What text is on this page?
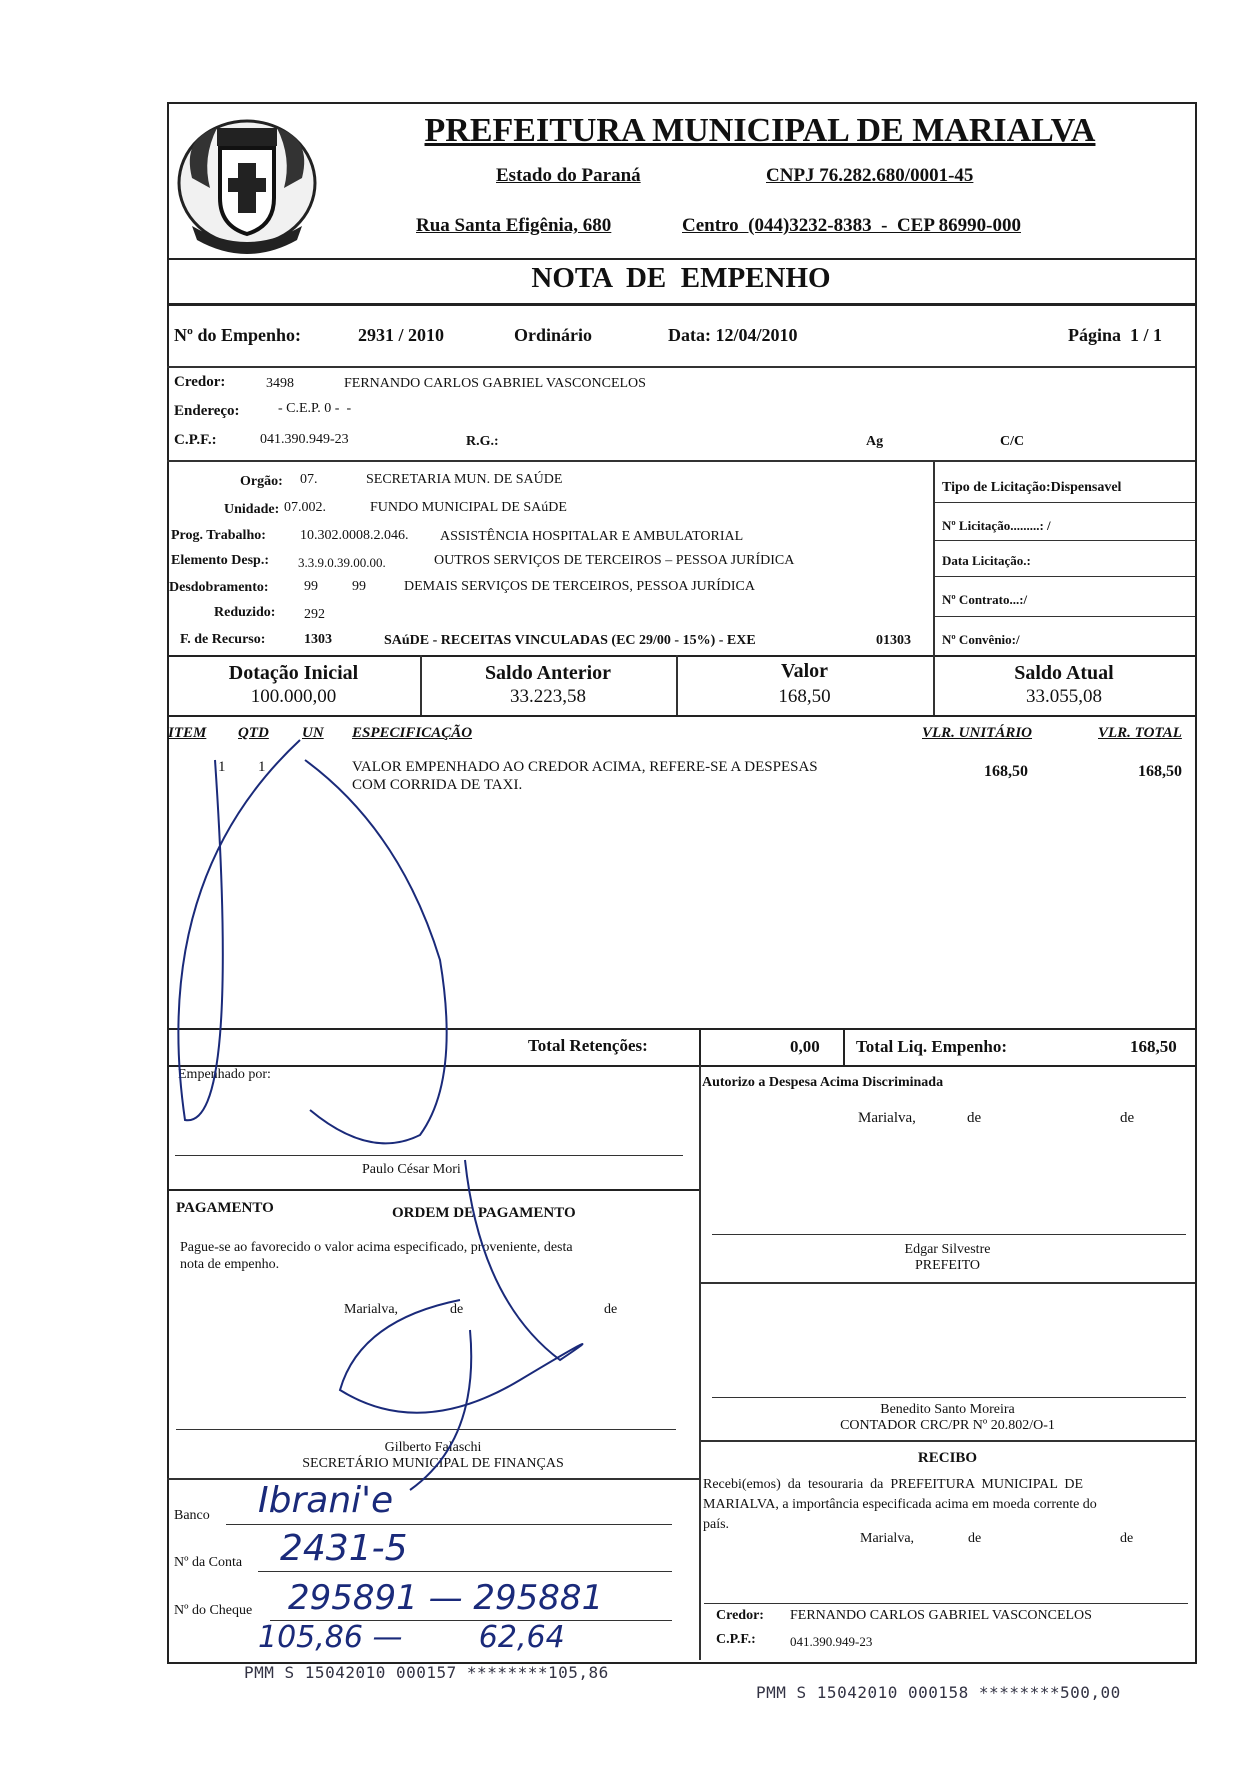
PREFEITURA MUNICIPAL DE MARIALVA
Estado do Paraná	CNPJ 76.282.680/0001-45
Rua Santa Efigênia, 680	Centro  (044)3232-8383  -  CEP 86990-000
NOTA  DE  EMPENHO
Nº do Empenho:	2931 / 2010	Ordinário	Data: 12/04/2010	Página  1 / 1
Credor:	3498	FERNANDO CARLOS GABRIEL VASCONCELOS
Endereço:	- C.E.P. 0 -  -
C.P.F.:	041.390.949-23	R.G.:	Ag	C/C
Orgão: 07.	SECRETARIA MUN. DE SAÚDE
Unidade: 07.002.	FUNDO MUNICIPAL DE SAúDE
Prog. Trabalho: 10.302.0008.2.046. ASSISTÊNCIA HOSPITALAR E AMBULATORIAL
Elemento Desp.: 3.3.9.0.39.00.00.	OUTROS SERVIÇOS DE TERCEIROS – PESSOA JURÍDICA
Desdobramento:	99 99	DEMAIS SERVIÇOS DE TERCEIROS, PESSOA JURÍDICA
Reduzido: 292
F. de Recurso:	1303	SAúDE - RECEITAS VINCULADAS (EC 29/00 - 15%) - EXE	01303
Tipo de Licitação:Dispensavel
Nº Licitação.........: /
Data Licitação.:
Nº Contrato...:/
Nº Convênio:/
Dotação Inicial
100.000,00
Saldo Anterior
33.223,58
Valor
168,50
Saldo Atual
33.055,08
ITEM QTD UN ESPECIFICAÇÃO	VLR. UNITÁRIO	VLR. TOTAL
1 1	VALOR EMPENHADO AO CREDOR ACIMA, REFERE-SE A DESPESAS
COM CORRIDA DE TAXI.
168,50	168,50
Total Retenções:	0,00 Total Liq. Empenho:	168,50
Empenhado por:
Paulo César Mori
Autorizo a Despesa Acima Discriminada
Marialva,	de	de
Edgar Silvestre
PREFEITO
PAGAMENTO	ORDEM DE PAGAMENTO
Pague-se ao favorecido o valor acima especificado, proveniente, desta
nota de empenho.
Marialva,	de	de
Gilberto Falaschi
SECRETÁRIO MUNICIPAL DE FINANÇAS
Benedito Santo Moreira
CONTADOR CRC/PR Nº 20.802/O-1
RECIBO
Recebi(emos)  da  tesouraria  da  PREFEITURA  MUNICIPAL  DE
MARIALVA, a importância especificada acima em moeda corrente do
país.
Marialva,	de	de
Credor: FERNANDO CARLOS GABRIEL VASCONCELOS
C.P.F.:	041.390.949-23
Banco Ibrani'e
Nº da Conta 2431-5
Nº do Cheque 295891 — 295881
105,86 —        62,64
PMM S 15042010 000157 ********105,86
PMM S 15042010 000158 ********500,00
